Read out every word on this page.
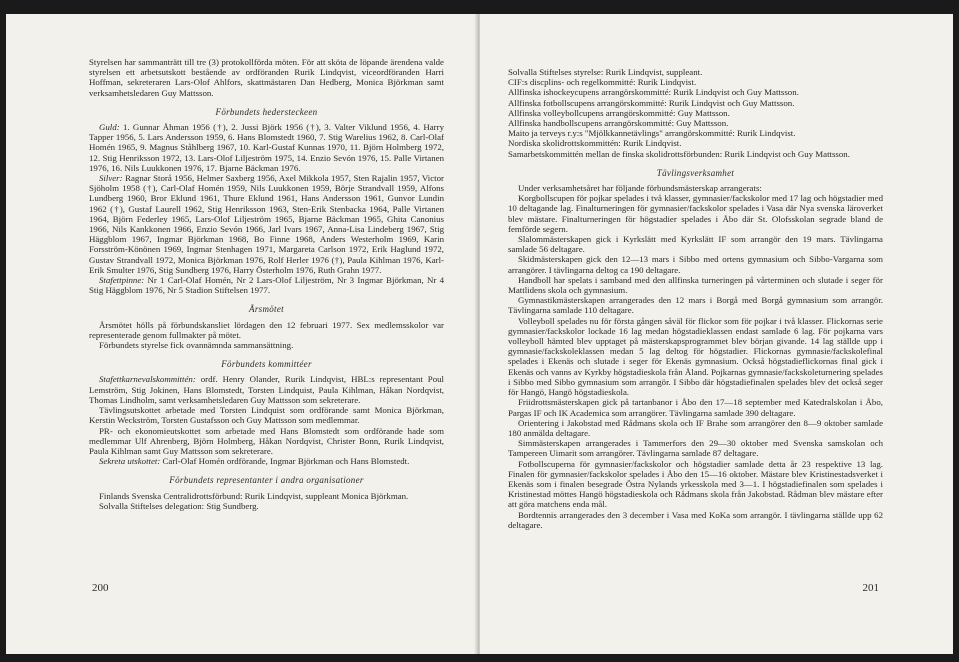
Styrelsen har sammanträtt till tre (3) protokollförda möten. För att sköta de löpande ärendena valde styrelsen ett arbetsutskott bestående av ordföranden Rurik Lindqvist, viceordföranden Harri Hoffman, sekreteraren Lars-Olof Ahlfors, skattmästaren Dan Hedberg, Monica Björkman samt verksamhetsledaren Guy Mattsson.

Förbundets hedersteckeen

Guld: 1. Gunnar Åhman 1956 (†), 2. Jussi Björk 1956 (†), 3. Valter Viklund 1956, 4. Harry Tapper 1956, 5. Lars Andersson 1959, 6. Hans Blomstedt 1960, 7. Stig Warelius 1962, 8. Carl-Olaf Homén 1965, 9. Magnus Ståhlberg 1967, 10. Karl-Gustaf Kunnas 1970, 11. Björn Holmberg 1972, 12. Stig Henriksson 1972, 13. Lars-Olof Liljeström 1975, 14. Enzio Sevón 1976, 15. Palle Virtanen 1976, 16. Nils Luukkonen 1976, 17. Bjarne Bäckman 1976.

Silver: Ragnar Storå 1956, Helmer Saxberg 1956, Axel Mikkola 1957, Sten Rajalin 1957, Victor Sjöholm 1958 (†), Carl-Olaf Homén 1959, Nils Luukkonen 1959, Börje Strandvall 1959, Alfons Lundberg 1960, Bror Eklund 1961, Thure Eklund 1961, Hans Andersson 1961, Gunvor Lundin 1962 (†), Gustaf Laurell 1962, Stig Henriksson 1963, Sten-Erik Stenbacka 1964, Palle Virtanen 1964, Björn Federley 1965, Lars-Olof Liljeström 1965, Bjarne Bäckman 1965, Ghita Canonius 1966, Nils Kankkonen 1966, Enzio Sevón 1966, Jarl Ivars 1967, Anna-Lisa Lindeberg 1967, Stig Häggblom 1967, Ingmar Björkman 1968, Bo Finne 1968, Anders Westerholm 1969, Karin Forsström-Könönen 1969, Ingmar Stenhagen 1971, Margareta Carlson 1972, Erik Haglund 1972, Gustav Strandvall 1972, Monica Björkman 1976, Rolf Herler 1976 (†), Paula Kihlman 1976, Karl-Erik Smulter 1976, Stig Sundberg 1976, Harry Österholm 1976, Ruth Grahn 1977.

Stafettpinne: Nr 1 Carl-Olaf Homén, Nr 2 Lars-Olof Liljeström, Nr 3 Ingmar Björkman, Nr 4 Stig Häggblom 1976, Nr 5 Stadion Stiftelsen 1977.

Årsmötet

Årsmötet hölls på förbundskansliet lördagen den 12 februari 1977. Sex medlemsskolor var representerade genom fullmakter på mötet.

Förbundets styrelse fick ovannämnda sammansättning.

Förbundets kommittéer

Stafettkarnevalskommittén: ordf. Henry Olander, Rurik Lindqvist, HBL:s representant Poul Lemström, Stig Jokinen, Hans Blomstedt, Torsten Lindquist, Paula Kihlman, Håkan Nordqvist, Thomas Lindholm, samt verksamhetsledaren Guy Mattsson som sekreterare.

Tävlingsutskottet arbetade med Torsten Lindquist som ordförande samt Monica Björkman, Kerstin Weckström, Torsten Gustafsson och Guy Mattsson som medlemmar.

PR- och ekonomieutskottet som arbetade med Hans Blomstedt som ordförande hade som medlemmar Ulf Ahrenberg, Björn Holmberg, Håkan Nordqvist, Christer Bonn, Rurik Lindqvist, Paula Kihlman samt Guy Mattsson som sekreterare.

Sekreta utskottet: Carl-Olaf Homén ordförande, Ingmar Björkman och Hans Blomstedt.

Förbundets representanter i andra organisationer

Finlands Svenska Centralidrottsförbund: Rurik Lindqvist, suppleant Monica Björkman.

Solvalla Stiftelses delegation: Stig Sundberg.

200

Solvalla Stiftelses styrelse: Rurik Lindqvist, suppleant.

CIF:s discplins- och regelkommitté: Rurik Lindqvist.

Allfinska ishockeycupens arrangörskommitté: Rurik Lindqvist och Guy Mattsson.

Allfinska fotbollscupens arrangörskommitté: Rurik Lindqvist och Guy Mattsson.

Allfinska volleybollcupens arrangörskommitté: Guy Mattsson.

Allfinska handbollscupens arrangörskommitté: Guy Mattsson.

Maito ja terveys r.y:s "Mjölkkannetävlings" arrangörskommitté: Rurik Lindqvist.

Nordiska skolidrottskommittén: Rurik Lindqvist.

Samarbetskommittén mellan de finska skolidrottsförbunden: Rurik Lindqvist och Guy Mattsson.

Tävlingsverksamhet

Under verksamhetsåret har följande förbundsmästerskap arrangerats:

Korgbollscupen för pojkar spelades i två klasser, gymnasier/fackskolor med 17 lag och högstadier med 10 deltagande lag. Finalturneringen för gymnasier/fackskolor spelades i Vasa där Nya svenska läroverket blev mästare. Finalturneringen för högstadier spelades i Åbo där St. Olofsskolan segrade bland de femförde segern.

Slalommästerskapen gick i Kyrkslätt med Kyrkslätt IF som arrangör den 19 mars. Tävlingarna samlade 56 deltagare.

Skidmästerskapen gick den 12—13 mars i Sibbo med ortens gymnasium och Sibbo-Vargarna som arrangörer. I tävlingarna deltog ca 190 deltagare.

Handboll har spelats i samband med den allfinska turneringen på vårterminen och slutade i seger för Mattlidens skola och gymnasium.

Gymnastikmästerskapen arrangerades den 12 mars i Borgå med Borgå gymnasium som arrangör. Tävlingarna samlade 110 deltagare.

Volleyboll spelades nu för första gången såväl för flickor som för pojkar i två klasser. Flickornas serie gymnasier/fackskolor lockade 16 lag medan högstadieklassen endast samlade 6 lag. För pojkarna vars volleyboll hämted blev upptaget på mästerskapsprogrammet blev början givande. 14 lag ställde upp i gymnasie/fackskoleklassen medan 5 lag deltog för högstadier. Flickornas gymnasie/fackskolefinal spelades i Ekenäs och slutade i seger för Ekenäs gymnasium. Också högstadieflickornas final gick i Ekenäs och vanns av Kyrkby högstadieskola från Åland. Pojkarnas gymnasie/fackskoleturnering spelades i Sibbo med Sibbo gymnasium som arrangör. I Sibbo där högstadiefinalen spelades blev det också seger för Hangö, Hangö högstadieskola.

Friidrottsmästerskapen gick på tartanbanor i Åbo den 17—18 september med Katedralskolan i Åbo, Pargas IF och IK Academica som arrangörer. Tävlingarna samlade 390 deltagare.

Orientering i Jakobstad med Rådmans skola och IF Brahe som arrangörer den 8—9 oktober samlade 180 anmälda deltagare.

Simmästerskapen arrangerades i Tammerfors den 29—30 oktober med Svenska samskolan och Tampereen Uimarit som arrangörer. Tävlingarna samlade 87 deltagare.

Fotbollscuperna för gymnasier/fackskolor och högstadier samlade detta år 23 respektive 13 lag. Finalen för gymnasier/fackskolor spelades i Åbo den 15—16 oktober. Mästare blev Kristinestadsverket i Ekenäs som i finalen besegrade Östra Nylands yrkesskola med 3—1. I högstadiefinalen som spelades i Kristinestad möttes Hangö högstadieskola och Rådmans skola från Jakobstad. Rådman blev mästare efter att göra matchens enda mål.

Bordtennis arrangerades den 3 december i Vasa med KoKa som arrangör. I tävlingarna ställde upp 62 deltagare.

201
